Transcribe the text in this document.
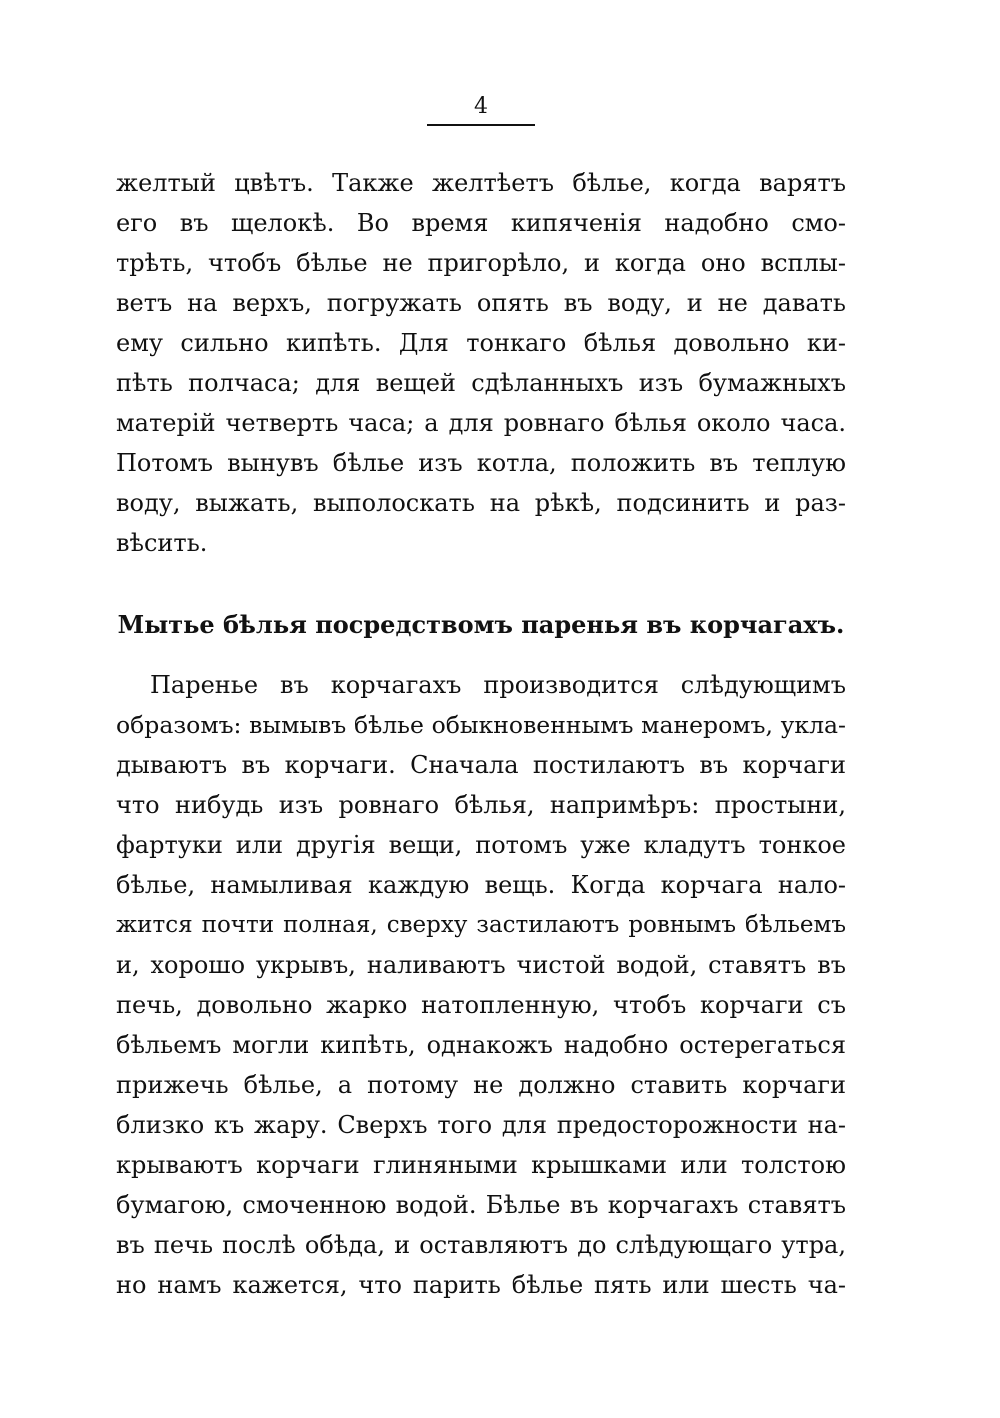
4
желтый цвѣтъ. Также желтѣетъ бѣлье, когда варятъ
его въ щелокѣ. Во время кипяченія надобно смо-
трѣть, чтобъ бѣлье не пригорѣло, и когда оно всплы-
ветъ на верхъ, погружать опять въ воду, и не давать
ему сильно кипѣть. Для тонкаго бѣлья довольно ки-
пѣть полчаса; для вещей сдѣланныхъ изъ бумажныхъ
матерій четверть часа; а для ровнаго бѣлья около часа.
Потомъ вынувъ бѣлье изъ котла, положить въ теплую
воду, выжать, выполоскать на рѣкѣ, подсинить и раз-
вѣсить.
Мытье бѣлья посредствомъ паренья въ корчагахъ.
Паренье въ корчагахъ производится слѣдующимъ
образомъ: вымывъ бѣлье обыкновеннымъ манеромъ, укла-
дываютъ въ корчаги. Сначала постилаютъ въ корчаги
что нибудь изъ ровнаго бѣлья, напримѣръ: простыни,
фартуки или другія вещи, потомъ уже кладутъ тонкое
бѣлье, намыливая каждую вещь. Когда корчага нало-
жится почти полная, сверху застилаютъ ровнымъ бѣльемъ
и, хорошо укрывъ, наливаютъ чистой водой, ставятъ въ
печь, довольно жарко натопленную, чтобъ корчаги съ
бѣльемъ могли кипѣть, однакожъ надобно остерегаться
прижечь бѣлье, а потому не должно ставить корчаги
близко къ жару. Сверхъ того для предосторожности на-
крываютъ корчаги глиняными крышками или толстою
бумагою, смоченною водой. Бѣлье въ корчагахъ ставятъ
въ печь послѣ обѣда, и оставляютъ до слѣдующаго утра,
но намъ кажется, что парить бѣлье пять или шесть ча-
